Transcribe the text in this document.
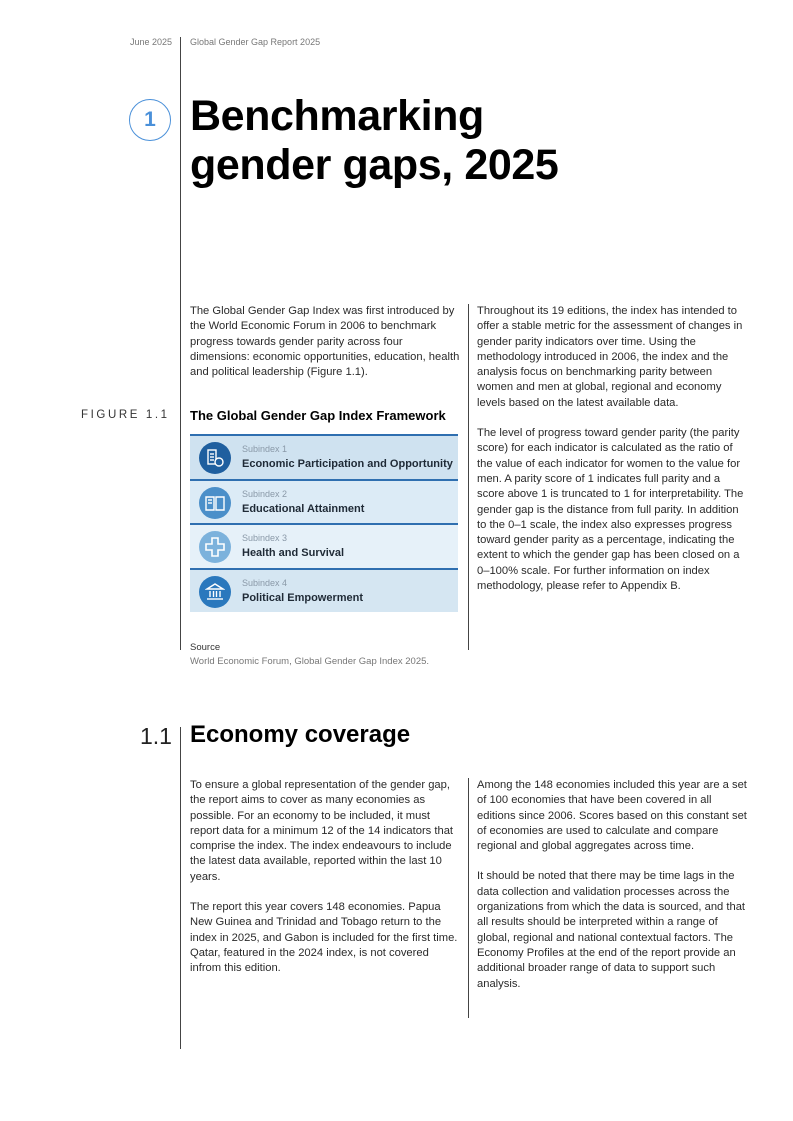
June 2025 Global Gender Gap Report 2025
1 Benchmarking
gender gaps, 2025

The Global Gender Gap Index was first introduced by the World Economic Forum in 2006 to benchmark progress towards gender parity across four dimensions: economic opportunities, education, health and political leadership (Figure 1.1).

Throughout its 19 editions, the index has intended to offer a stable metric for the assessment of changes in gender parity indicators over time. Using the methodology introduced in 2006, the index and the analysis focus on benchmarking parity between women and men at global, regional and economy levels based on the latest available data.

The level of progress toward gender parity (the parity score) for each indicator is calculated as the ratio of the value of each indicator for women to the value for men. A parity score of 1 indicates full parity and a score above 1 is truncated to 1 for interpretability. The gender gap is the distance from full parity. In addition to the 0–1 scale, the index also expresses progress toward gender parity as a percentage, indicating the extent to which the gender gap has been closed on a 0–100% scale. For further information on index methodology, please refer to Appendix B.

FIGURE 1.1 The Global Gender Gap Index Framework
Subindex 1
Economic Participation and Opportunity
Subindex 2
Educational Attainment
Subindex 3
Health and Survival
Subindex 4
Political Empowerment
Source
World Economic Forum, Global Gender Gap Index 2025.
1.1 Economy coverage

To ensure a global representation of the gender gap, the report aims to cover as many economies as possible. For an economy to be included, it must report data for a minimum 12 of the 14 indicators that comprise the index. The index endeavours to include the latest data available, reported within the last 10 years.

The report this year covers 148 economies. Papua New Guinea and Trinidad and Tobago return to the index in 2025, and Gabon is included for the first time. Qatar, featured in the 2024 index, is not covered infrom this edition.

Among the 148 economies included this year are a set of 100 economies that have been covered in all editions since 2006. Scores based on this constant set of economies are used to calculate and compare regional and global aggregates across time.

It should be noted that there may be time lags in the data collection and validation processes across the organizations from which the data is sourced, and that all results should be interpreted within a range of global, regional and national contextual factors. The Economy Profiles at the end of the report provide an additional broader range of data to support such analysis.
